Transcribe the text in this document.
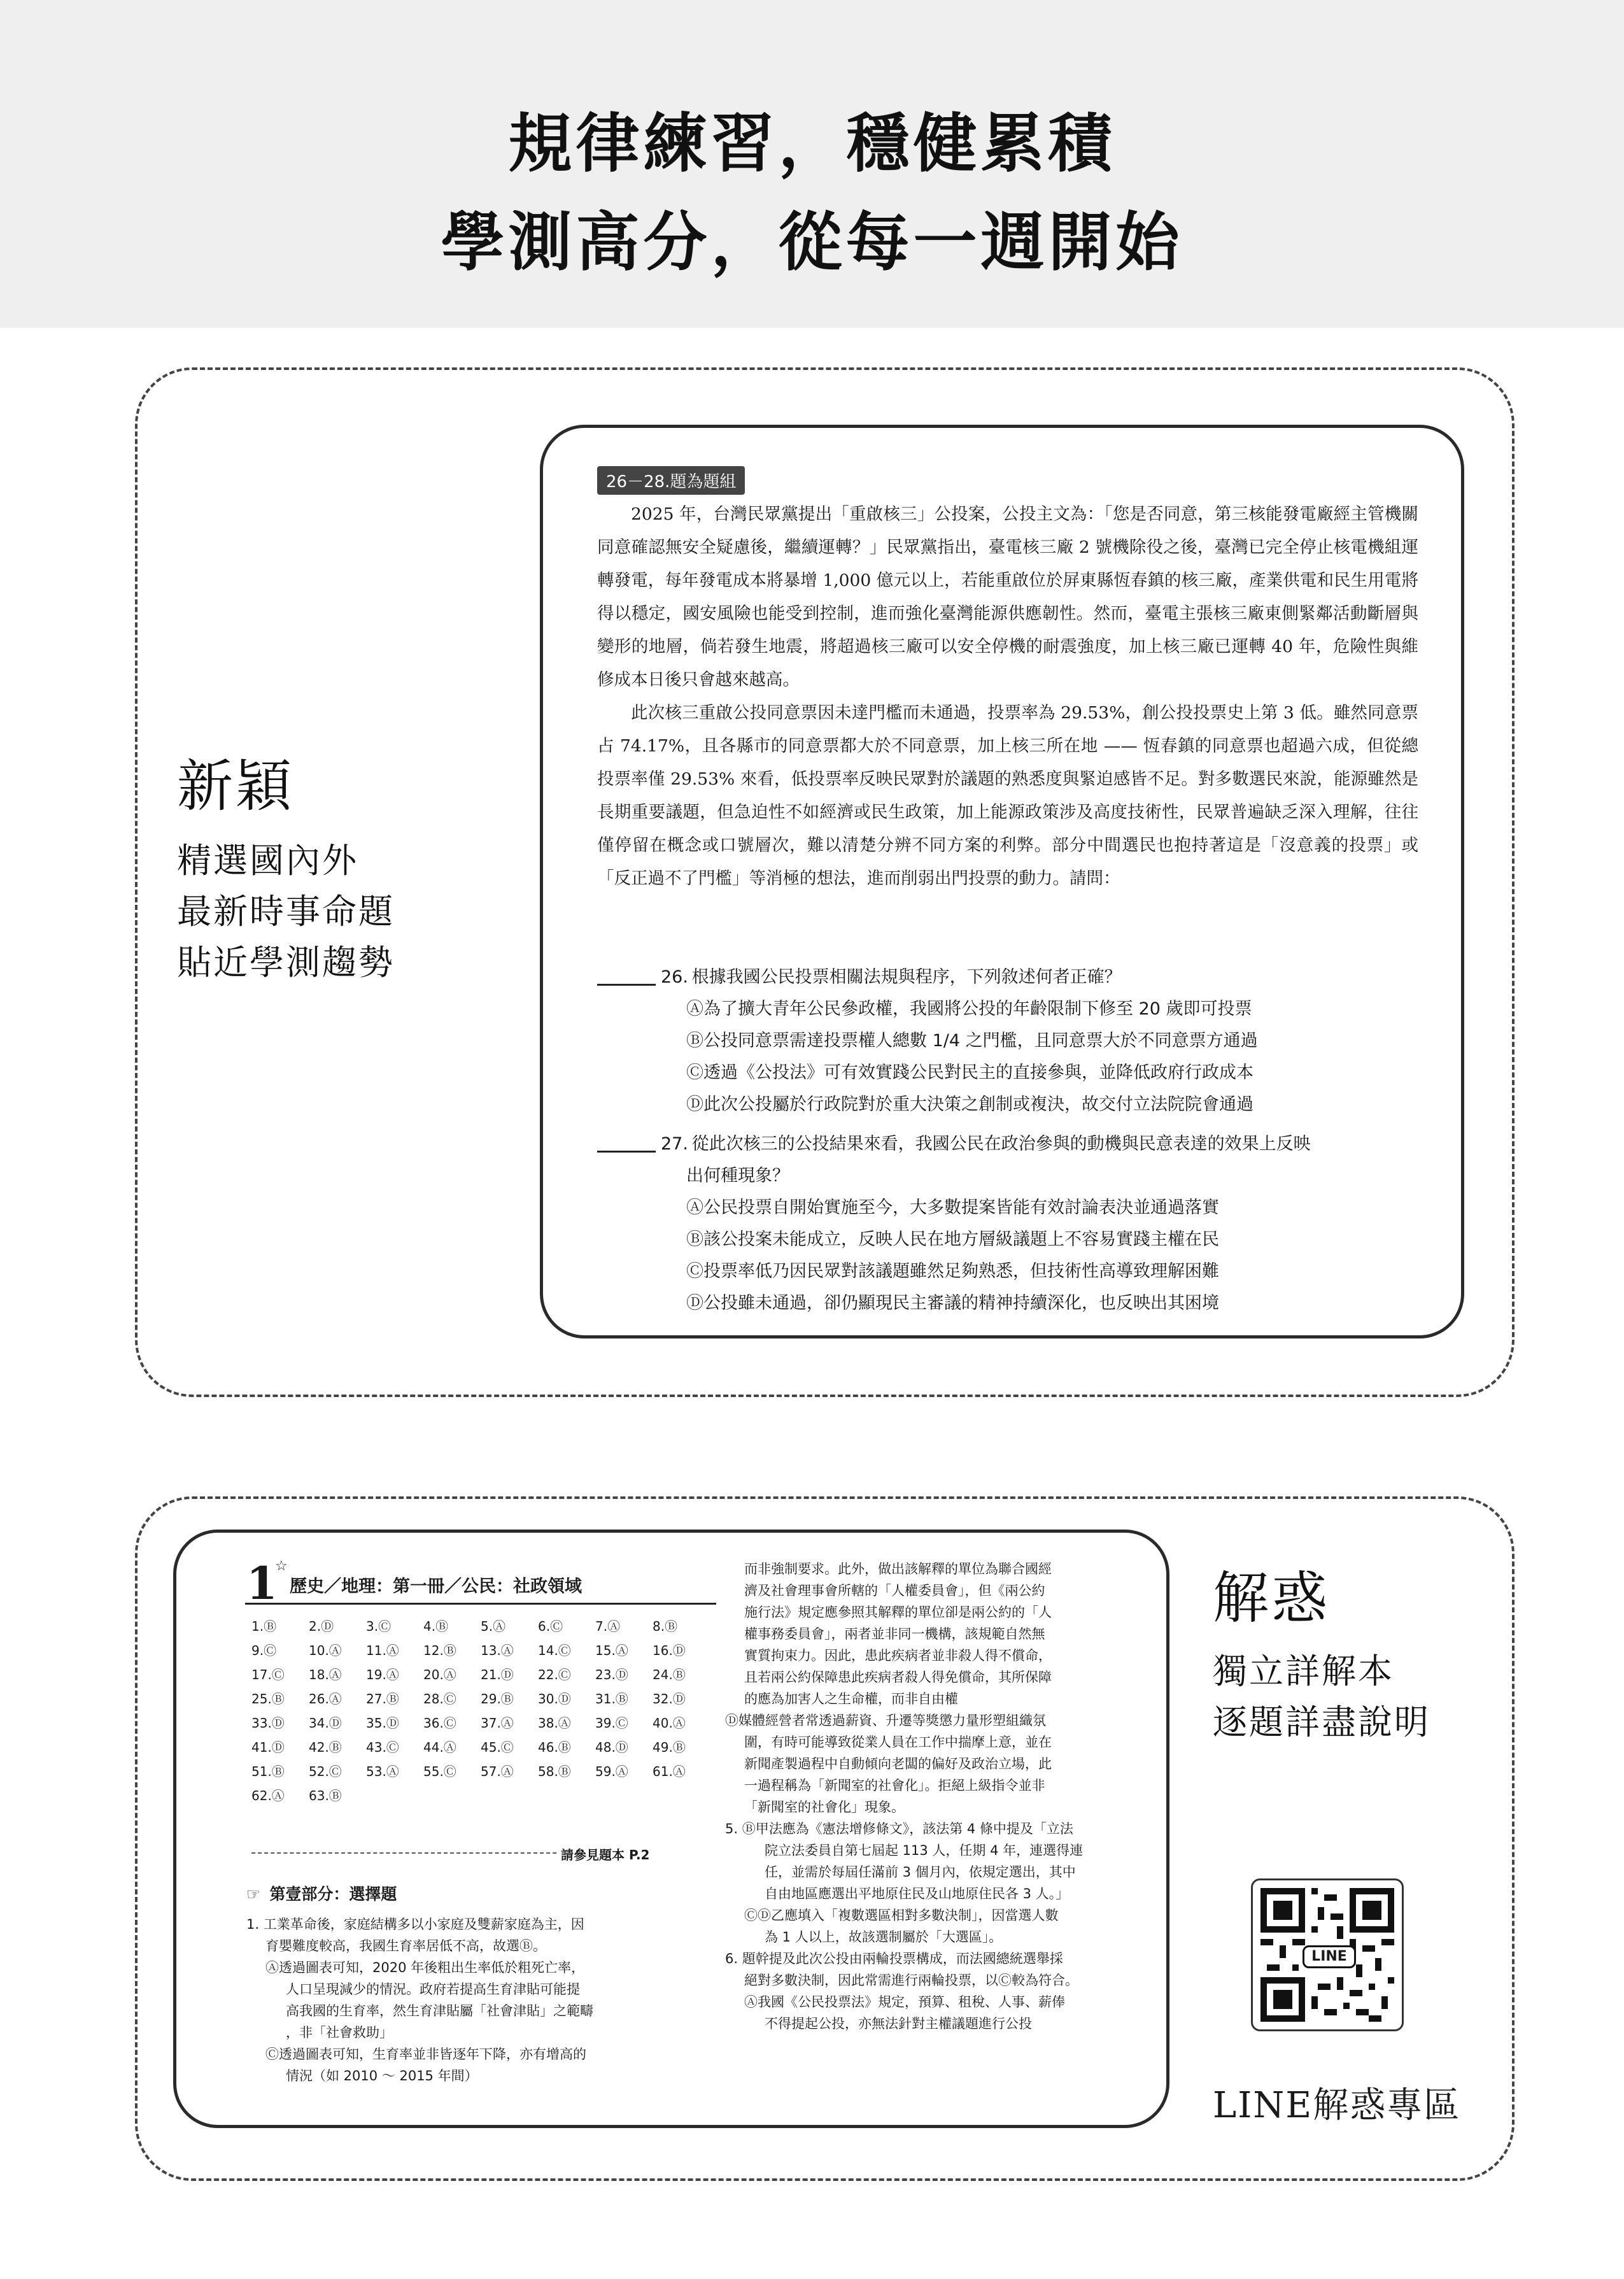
規律練習，穩健累積
學測高分，從每一週開始
新穎
精選國內外
最新時事命題
貼近學測趨勢
26－28.題為題組

2025 年，台灣民眾黨提出「重啟核三」公投案，公投主文為：「您是否同意，第三核能發電廠經主管機關同意確認無安全疑慮後，繼續運轉？」民眾黨指出，臺電核三廠 2 號機除役之後，臺灣已完全停止核電機組運轉發電，每年發電成本將暴增 1,000 億元以上，若能重啟位於屏東縣恆春鎮的核三廠，產業供電和民生用電將得以穩定，國安風險也能受到控制，進而強化臺灣能源供應韌性。然而，臺電主張核三廠東側緊鄰活動斷層與變形的地層，倘若發生地震，將超過核三廠可以安全停機的耐震強度，加上核三廠已運轉 40 年，危險性與維修成本日後只會越來越高。

此次核三重啟公投同意票因未達門檻而未通過，投票率為 29.53%，創公投投票史上第 3 低。雖然同意票占 74.17%，且各縣市的同意票都大於不同意票，加上核三所在地 —— 恆春鎮的同意票也超過六成，但從總投票率僅 29.53% 來看，低投票率反映民眾對於議題的熟悉度與緊迫感皆不足。對多數選民來說，能源雖然是長期重要議題，但急迫性不如經濟或民生政策，加上能源政策涉及高度技術性，民眾普遍缺乏深入理解，往往僅停留在概念或口號層次，難以清楚分辨不同方案的利弊。部分中間選民也抱持著這是「沒意義的投票」或「反正過不了門檻」等消極的想法，進而削弱出門投票的動力。請問：

26. 根據我國公民投票相關法規與程序，下列敘述何者正確？
Ⓐ為了擴大青年公民參政權，我國將公投的年齡限制下修至 20 歲即可投票
Ⓑ公投同意票需達投票權人總數 1/4 之門檻，且同意票大於不同意票方通過
Ⓒ透過《公投法》可有效實踐公民對民主的直接參與，並降低政府行政成本
Ⓓ此次公投屬於行政院對於重大決策之創制或複決，故交付立法院院會通過
27. 從此次核三的公投結果來看，我國公民在政治參與的動機與民意表達的效果上反映
出何種現象？
Ⓐ公民投票自開始實施至今，大多數提案皆能有效討論表決並通過落實
Ⓑ該公投案未能成立，反映人民在地方層級議題上不容易實踐主權在民
Ⓒ投票率低乃因民眾對該議題雖然足夠熟悉，但技術性高導致理解困難
Ⓓ公投雖未通過，卻仍顯現民主審議的精神持續深化，也反映出其困境
解惑
獨立詳解本
逐題詳盡說明
1
☆
歷史／地理：第一冊／公民：社政領域
1.Ⓑ	2.Ⓓ	3.Ⓒ	4.Ⓑ	5.Ⓐ	6.Ⓒ	7.Ⓐ	8.Ⓑ
9.Ⓒ	10.Ⓐ	11.Ⓐ	12.Ⓑ	13.Ⓐ	14.Ⓒ	15.Ⓐ	16.Ⓓ
17.Ⓒ	18.Ⓐ	19.Ⓐ	20.Ⓐ	21.Ⓓ	22.Ⓒ	23.Ⓓ	24.Ⓑ
25.Ⓑ	26.Ⓐ	27.Ⓑ	28.Ⓒ	29.Ⓑ	30.Ⓓ	31.Ⓑ	32.Ⓓ
33.Ⓓ	34.Ⓓ	35.Ⓓ	36.Ⓒ	37.Ⓐ	38.Ⓐ	39.Ⓒ	40.Ⓐ
41.Ⓓ	42.Ⓑ	43.Ⓒ	44.Ⓐ	45.Ⓒ	46.Ⓑ	48.Ⓓ	49.Ⓑ
51.Ⓑ	52.Ⓒ	53.Ⓐ	55.Ⓒ	57.Ⓐ	58.Ⓑ	59.Ⓐ	61.Ⓐ
62.Ⓐ	63.Ⓑ
請參見題本 P.2
☞ 第壹部分：選擇題
1. 工業革命後，家庭結構多以小家庭及雙薪家庭為主，因
育嬰難度較高，我國生育率居低不高，故選Ⓑ。
Ⓐ透過圖表可知，2020 年後粗出生率低於粗死亡率，
人口呈現減少的情況。政府若提高生育津貼可能提
高我國的生育率，然生育津貼屬「社會津貼」之範疇
，非「社會救助」
Ⓒ透過圖表可知，生育率並非皆逐年下降，亦有增高的
情況（如 2010 ～ 2015 年間）
而非強制要求。此外，做出該解釋的單位為聯合國經
濟及社會理事會所轄的「人權委員會」，但《兩公約
施行法》規定應參照其解釋的單位卻是兩公約的「人
權事務委員會」，兩者並非同一機構，該規範自然無
實質拘束力。因此，患此疾病者並非殺人得不償命，
且若兩公約保障患此疾病者殺人得免償命，其所保障
的應為加害人之生命權，而非自由權
Ⓓ媒體經營者常透過薪資、升遷等獎懲力量形塑組織氛
圍，有時可能導致從業人員在工作中揣摩上意，並在
新聞產製過程中自動傾向老闆的偏好及政治立場，此
一過程稱為「新聞室的社會化」。拒絕上級指令並非
「新聞室的社會化」現象。
5. Ⓑ甲法應為《憲法增修條文》，該法第 4 條中提及「立法
院立法委員自第七屆起 113 人，任期 4 年，連選得連
任，並需於每屆任滿前 3 個月內，依規定選出，其中
自由地區應選出平地原住民及山地原住民各 3 人。」
ⒸⒹ乙應填入「複數選區相對多數決制」，因當選人數
為 1 人以上，故該選制屬於「大選區」。
6. 題幹提及此次公投由兩輪投票構成，而法國總統選舉採
絕對多數決制，因此常需進行兩輪投票，以Ⓒ較為符合。
Ⓐ我國《公民投票法》規定，預算、租稅、人事、薪俸
不得提起公投，亦無法針對主權議題進行公投
LINE
LINE解惑專區
